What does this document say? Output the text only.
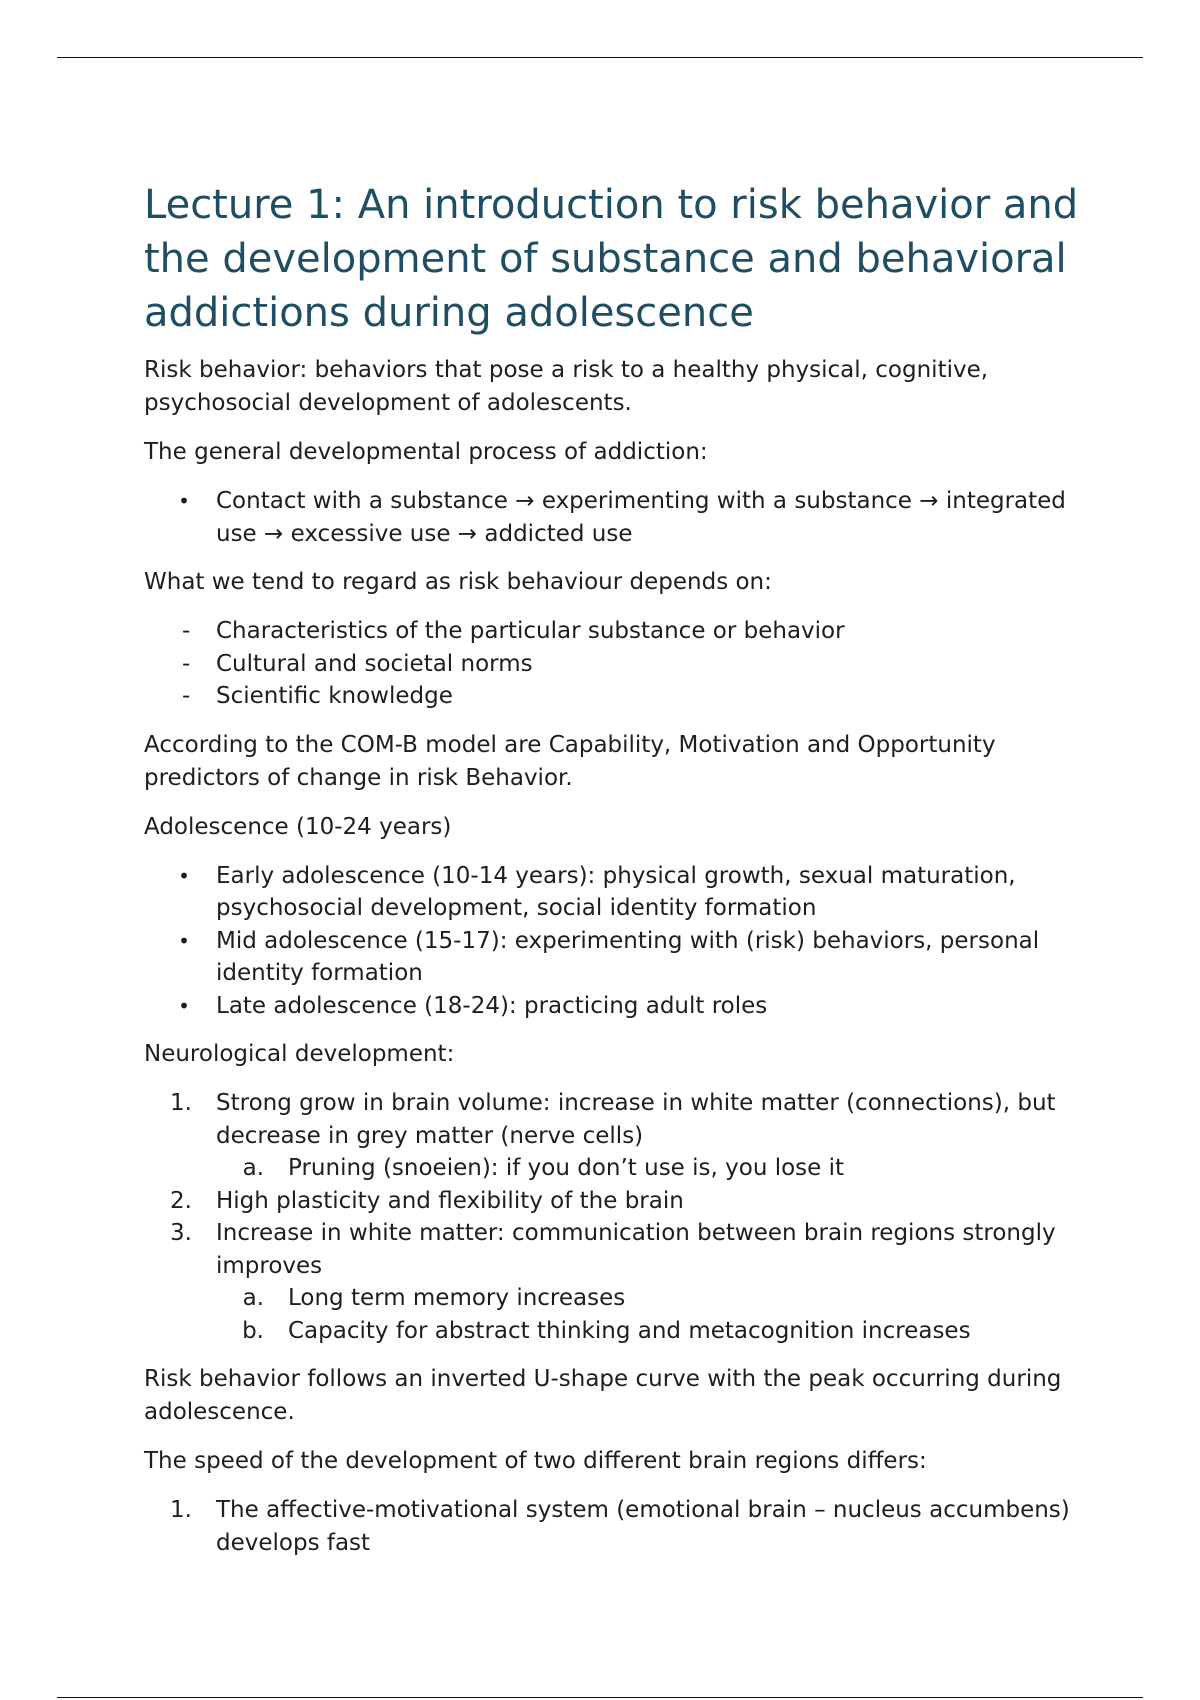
Lecture 1: An introduction to risk behavior and the development of substance and behavioral addictions during adolescence

Risk behavior: behaviors that pose a risk to a healthy physical, cognitive, psychosocial development of adolescents.

The general developmental process of addiction:

•	Contact with a substance → experimenting with a substance → integrated use → excessive use → addicted use

What we tend to regard as risk behaviour depends on:

-	Characteristics of the particular substance or behavior
-	Cultural and societal norms
-	Scientific knowledge

According to the COM-B model are Capability, Motivation and Opportunity predictors of change in risk Behavior.

Adolescence (10-24 years)

•	Early adolescence (10-14 years): physical growth, sexual maturation, psychosocial development, social identity formation
•	Mid adolescence (15-17): experimenting with (risk) behaviors, personal identity formation
•	Late adolescence (18-24): practicing adult roles

Neurological development:

1. Strong grow in brain volume: increase in white matter (connections), but decrease in grey matter (nerve cells)
a. Pruning (snoeien): if you don’t use is, you lose it
2. High plasticity and flexibility of the brain
3. Increase in white matter: communication between brain regions strongly improves
a. Long term memory increases
b. Capacity for abstract thinking and metacognition increases

Risk behavior follows an inverted U-shape curve with the peak occurring during adolescence.

The speed of the development of two different brain regions differs:

1. The affective-motivational system (emotional brain – nucleus accumbens) develops fast
